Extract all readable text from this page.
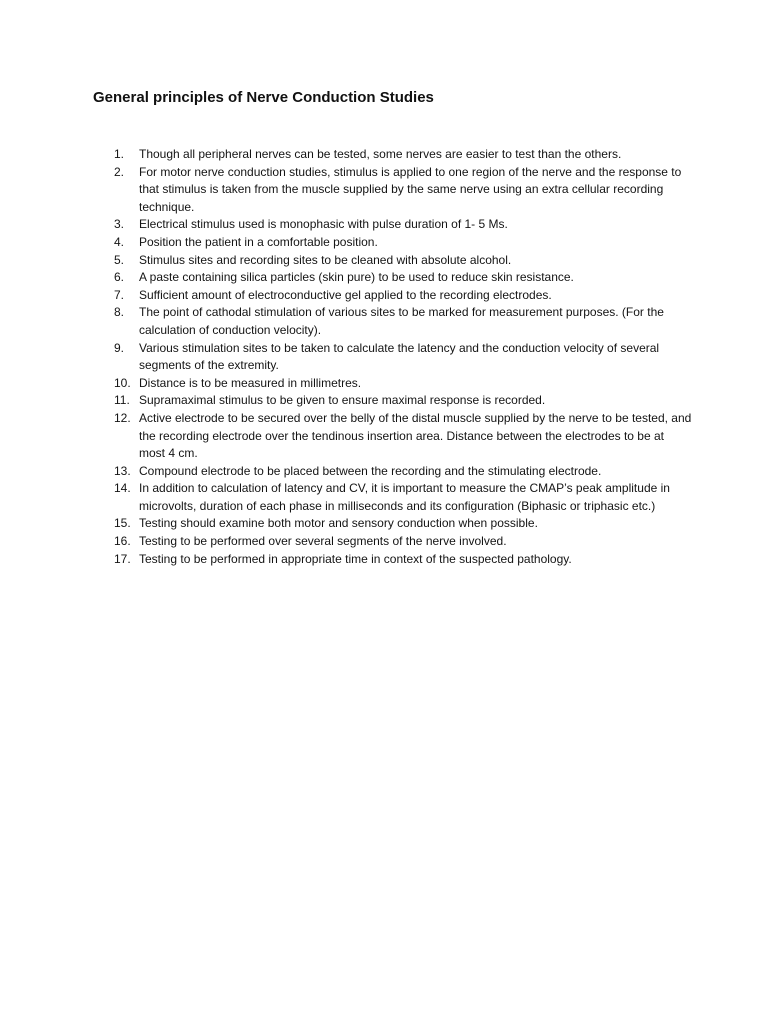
General principles of Nerve Conduction Studies
1.	Though all peripheral nerves can be tested, some nerves are easier to test than the others.
2.	For motor nerve conduction studies, stimulus is applied to one region of the nerve and the response to that stimulus is taken from the muscle supplied by the same nerve using an extra cellular recording technique.
3.	Electrical stimulus used is monophasic with pulse duration of 1- 5 Ms.
4.	Position the patient in a comfortable position.
5.	Stimulus sites and recording sites to be cleaned with absolute alcohol.
6.	A paste containing silica particles (skin pure) to be used to reduce skin resistance.
7.	Sufficient amount of electroconductive gel applied to the recording electrodes.
8.	The point of cathodal stimulation of various sites to be marked for measurement purposes. (For the calculation of conduction velocity).
9.	Various stimulation sites to be taken to calculate the latency and the conduction velocity of several segments of the extremity.
10. Distance is to be measured in millimetres.
11. Supramaximal stimulus to be given to ensure maximal response is recorded.
12. Active electrode to be secured over the belly of the distal muscle supplied by the nerve to be tested, and the recording electrode over the tendinous insertion area. Distance between the electrodes to be at most 4 cm.
13. Compound electrode to be placed between the recording and the stimulating electrode.
14. In addition to calculation of latency and CV, it is important to measure the CMAP’s peak amplitude in microvolts, duration of each phase in milliseconds and its configuration (Biphasic or triphasic etc.)
15. Testing should examine both motor and sensory conduction when possible.
16. Testing to be performed over several segments of the nerve involved.
17. Testing to be performed in appropriate time in context of the suspected pathology.
